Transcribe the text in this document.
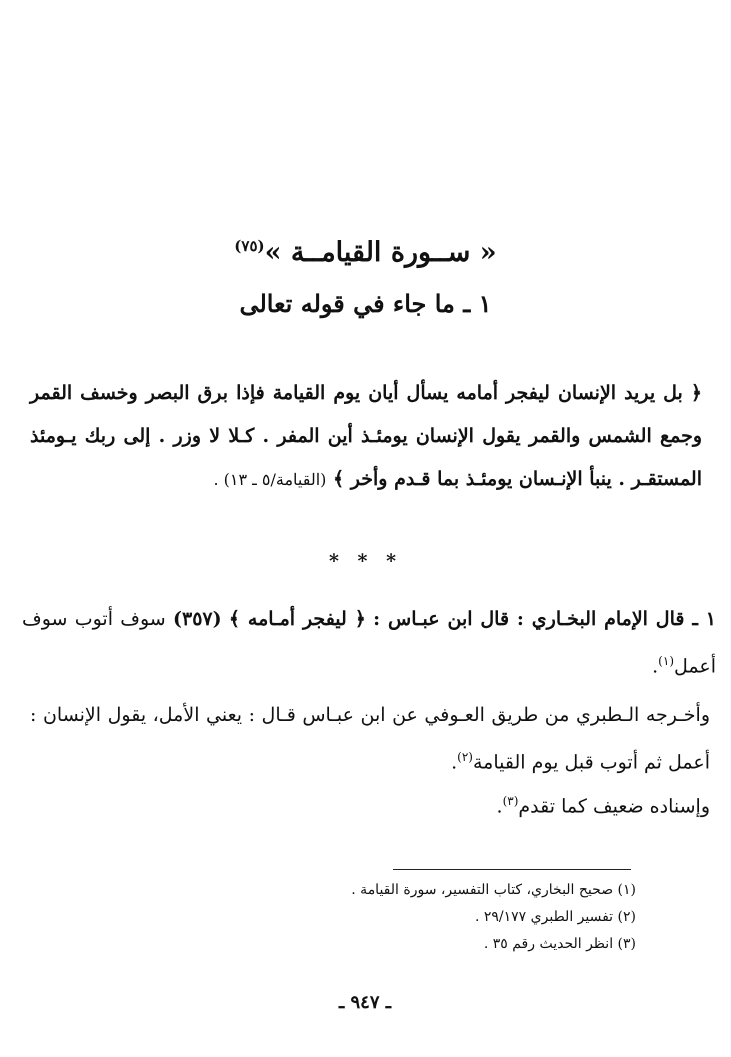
« ســورة القيامــة »$^{(٧٥)}$
١ ـ ما جاء في قوله تعالى
﴿ بل يريد الإنسان ليفجر أمامه يسأل أيان يوم القيامة فإذا برق البصر وخسف القمر وجمع الشمس والقمر يقول الإنسان يومئـذ أين المفر . كـلا لا وزر . إلى ربك يـومئذ المستقـر . ينبأ الإنـسان يومئـذ بما قـدم وأخر ﴾ (القيامة/٥ ـ ١٣) .
* * *
١ ـ قال الإمام البخـاري : قال ابن عبـاس : ﴿ ليفجر أمـامه ﴾ (٣٥٧) سوف أتوب سوف أعمل$^{(١)}$.
وأخـرجه الـطبري من طريق العـوفي عن ابن عبـاس قـال : يعني الأمل، يقول الإنسان : أعمل ثم أتوب قبل يوم القيامة$^{(٢)}$.
وإسناده ضعيف كما تقدم$^{(٣)}$.
(١) صحيح البخاري، كتاب التفسير، سورة القيامة .
(٢) تفسير الطبري ٢٩/١٧٧ .
(٣) انظر الحديث رقم ٣٥ .
ـ ٩٤٧ ـ
